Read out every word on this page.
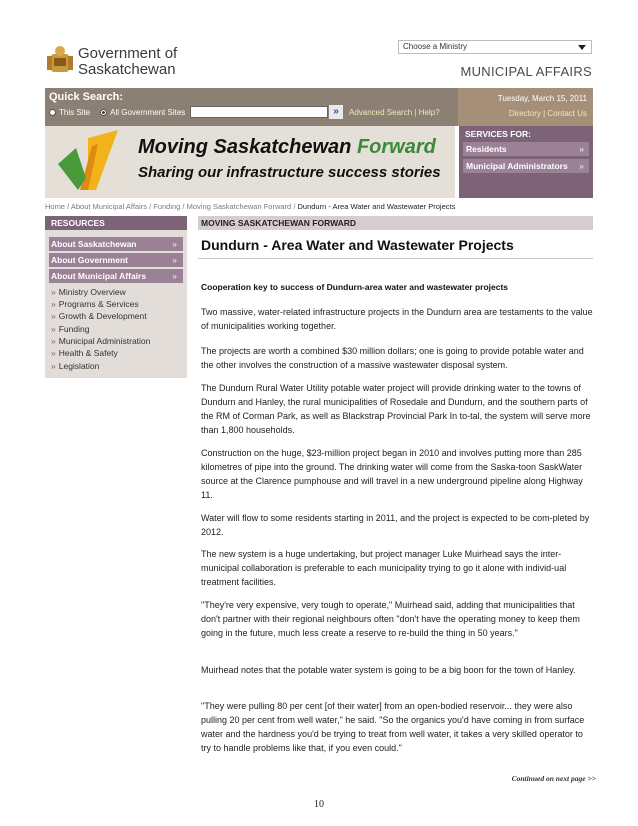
Government of
Saskatchewan
Choose a Ministry
MUNICIPAL AFFAIRS
Quick Search:
This Site	All Government Sites	»	Advanced Search | Help?
Tuesday, March 15, 2011
Directory | Contact Us
Moving Saskatchewan Forward
Sharing our infrastructure success stories
SERVICES FOR:
Residents	»
Municipal Administrators »
Home / About Municipal Affairs / Funding / Moving Saskatchewan Forward / Dundurn - Area Water and Wastewater Projects
RESOURCES
About Saskatchewan	»
About Government	»
About Municipal Affairs	»
» Ministry Overview
» Programs & Services
» Growth & Development
» Funding
» Municipal Administration
» Health & Safety
» Legislation
MOVING SASKATCHEWAN FORWARD
Dundurn - Area Water and Wastewater Projects
Cooperation key to success of Dundurn-area water and wastewater projects

Two massive, water-related infrastructure projects in the Dundurn area are testaments to the value of municipalities working together.

The projects are worth a combined $30 million dollars; one is going to provide potable water and the other involves the construction of a massive wastewater disposal system.

The Dundurn Rural Water Utility potable water project will provide drinking water to the towns of Dundurn and Hanley, the rural municipalities of Rosedale and Dundurn, and the southern parts of the RM of Corman Park, as well as Blackstrap Provincial Park In to-tal, the system will serve more than 1,800 households.

Construction on the huge, $23-million project began in 2010 and involves putting more than 285 kilometres of pipe into the ground. The drinking water will come from the Saska-toon SaskWater source at the Clarence pumphouse and will travel in a new underground pipeline along Highway 11.

Water will flow to some residents starting in 2011, and the project is expected to be com-pleted by 2012.

The new system is a huge undertaking, but project manager Luke Muirhead says the inter-municipal collaboration is preferable to each municipality trying to go it alone with individ-ual treatment facilities.

"They're very expensive, very tough to operate," Muirhead said, adding that municipalities that don't partner with their regional neighbours often "don't have the operating money to keep them going in the future, much less create a reserve to re-build the thing in 50 years."

Muirhead notes that the potable water system is going to be a big boon for the town of Hanley.

"They were pulling 80 per cent [of their water] from an open-bodied reservoir... they were also pulling 20 per cent from well water," he said. "So the organics you'd have coming in from surface water and the hardness you'd be trying to treat from well water, it takes a very skilled operator to try to handle problems like that, if you even could."

Continued on next page >>
10
